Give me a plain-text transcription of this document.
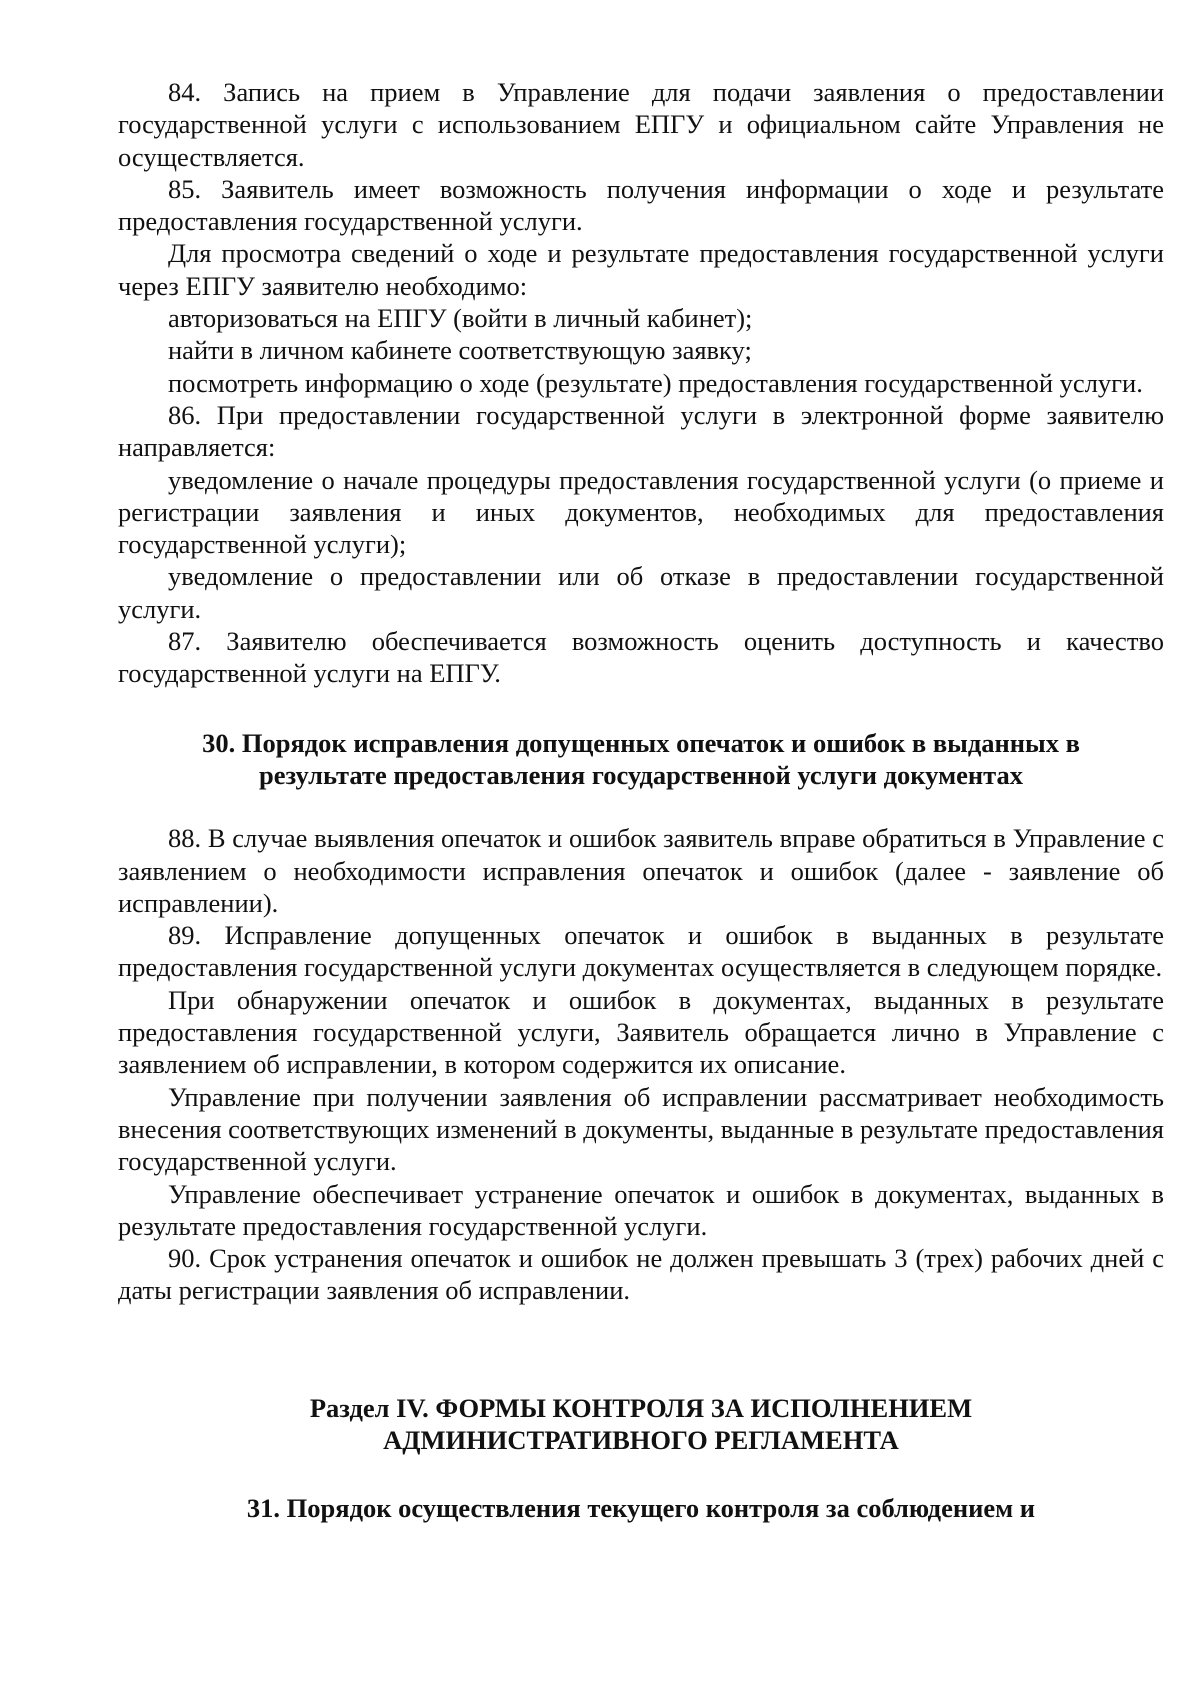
84. Запись на прием в Управление для подачи заявления о предоставлении государственной услуги с использованием ЕПГУ и официальном сайте Управления не осуществляется.

85. Заявитель имеет возможность получения информации о ходе и результате предоставления государственной услуги.

Для просмотра сведений о ходе и результате предоставления государственной услуги через ЕПГУ заявителю необходимо:

авторизоваться на ЕПГУ (войти в личный кабинет);

найти в личном кабинете соответствующую заявку;

посмотреть информацию о ходе (результате) предоставления государственной услуги.

86. При предоставлении государственной услуги в электронной форме заявителю направляется:

уведомление о начале процедуры предоставления государственной услуги (о приеме и регистрации заявления и иных документов, необходимых для предоставления государственной услуги);

уведомление о предоставлении или об отказе в предоставлении государственной услуги.

87. Заявителю обеспечивается возможность оценить доступность и качество государственной услуги на ЕПГУ.

30. Порядок исправления допущенных опечаток и ошибок в выданных в результате предоставления государственной услуги документах

88. В случае выявления опечаток и ошибок заявитель вправе обратиться в Управление с заявлением о необходимости исправления опечаток и ошибок (далее - заявление об исправлении).

89. Исправление допущенных опечаток и ошибок в выданных в результате предоставления государственной услуги документах осуществляется в следующем порядке.

При обнаружении опечаток и ошибок в документах, выданных в результате предоставления государственной услуги, Заявитель обращается лично в Управление с заявлением об исправлении, в котором содержится их описание.

Управление при получении заявления об исправлении рассматривает необходимость внесения соответствующих изменений в документы, выданные в результате предоставления государственной услуги.

Управление обеспечивает устранение опечаток и ошибок в документах, выданных в результате предоставления государственной услуги.

90. Срок устранения опечаток и ошибок не должен превышать 3 (трех) рабочих дней с даты регистрации заявления об исправлении.

Раздел IV. ФОРМЫ КОНТРОЛЯ ЗА ИСПОЛНЕНИЕМ АДМИНИСТРАТИВНОГО РЕГЛАМЕНТА
31. Порядок осуществления текущего контроля за соблюдением и
